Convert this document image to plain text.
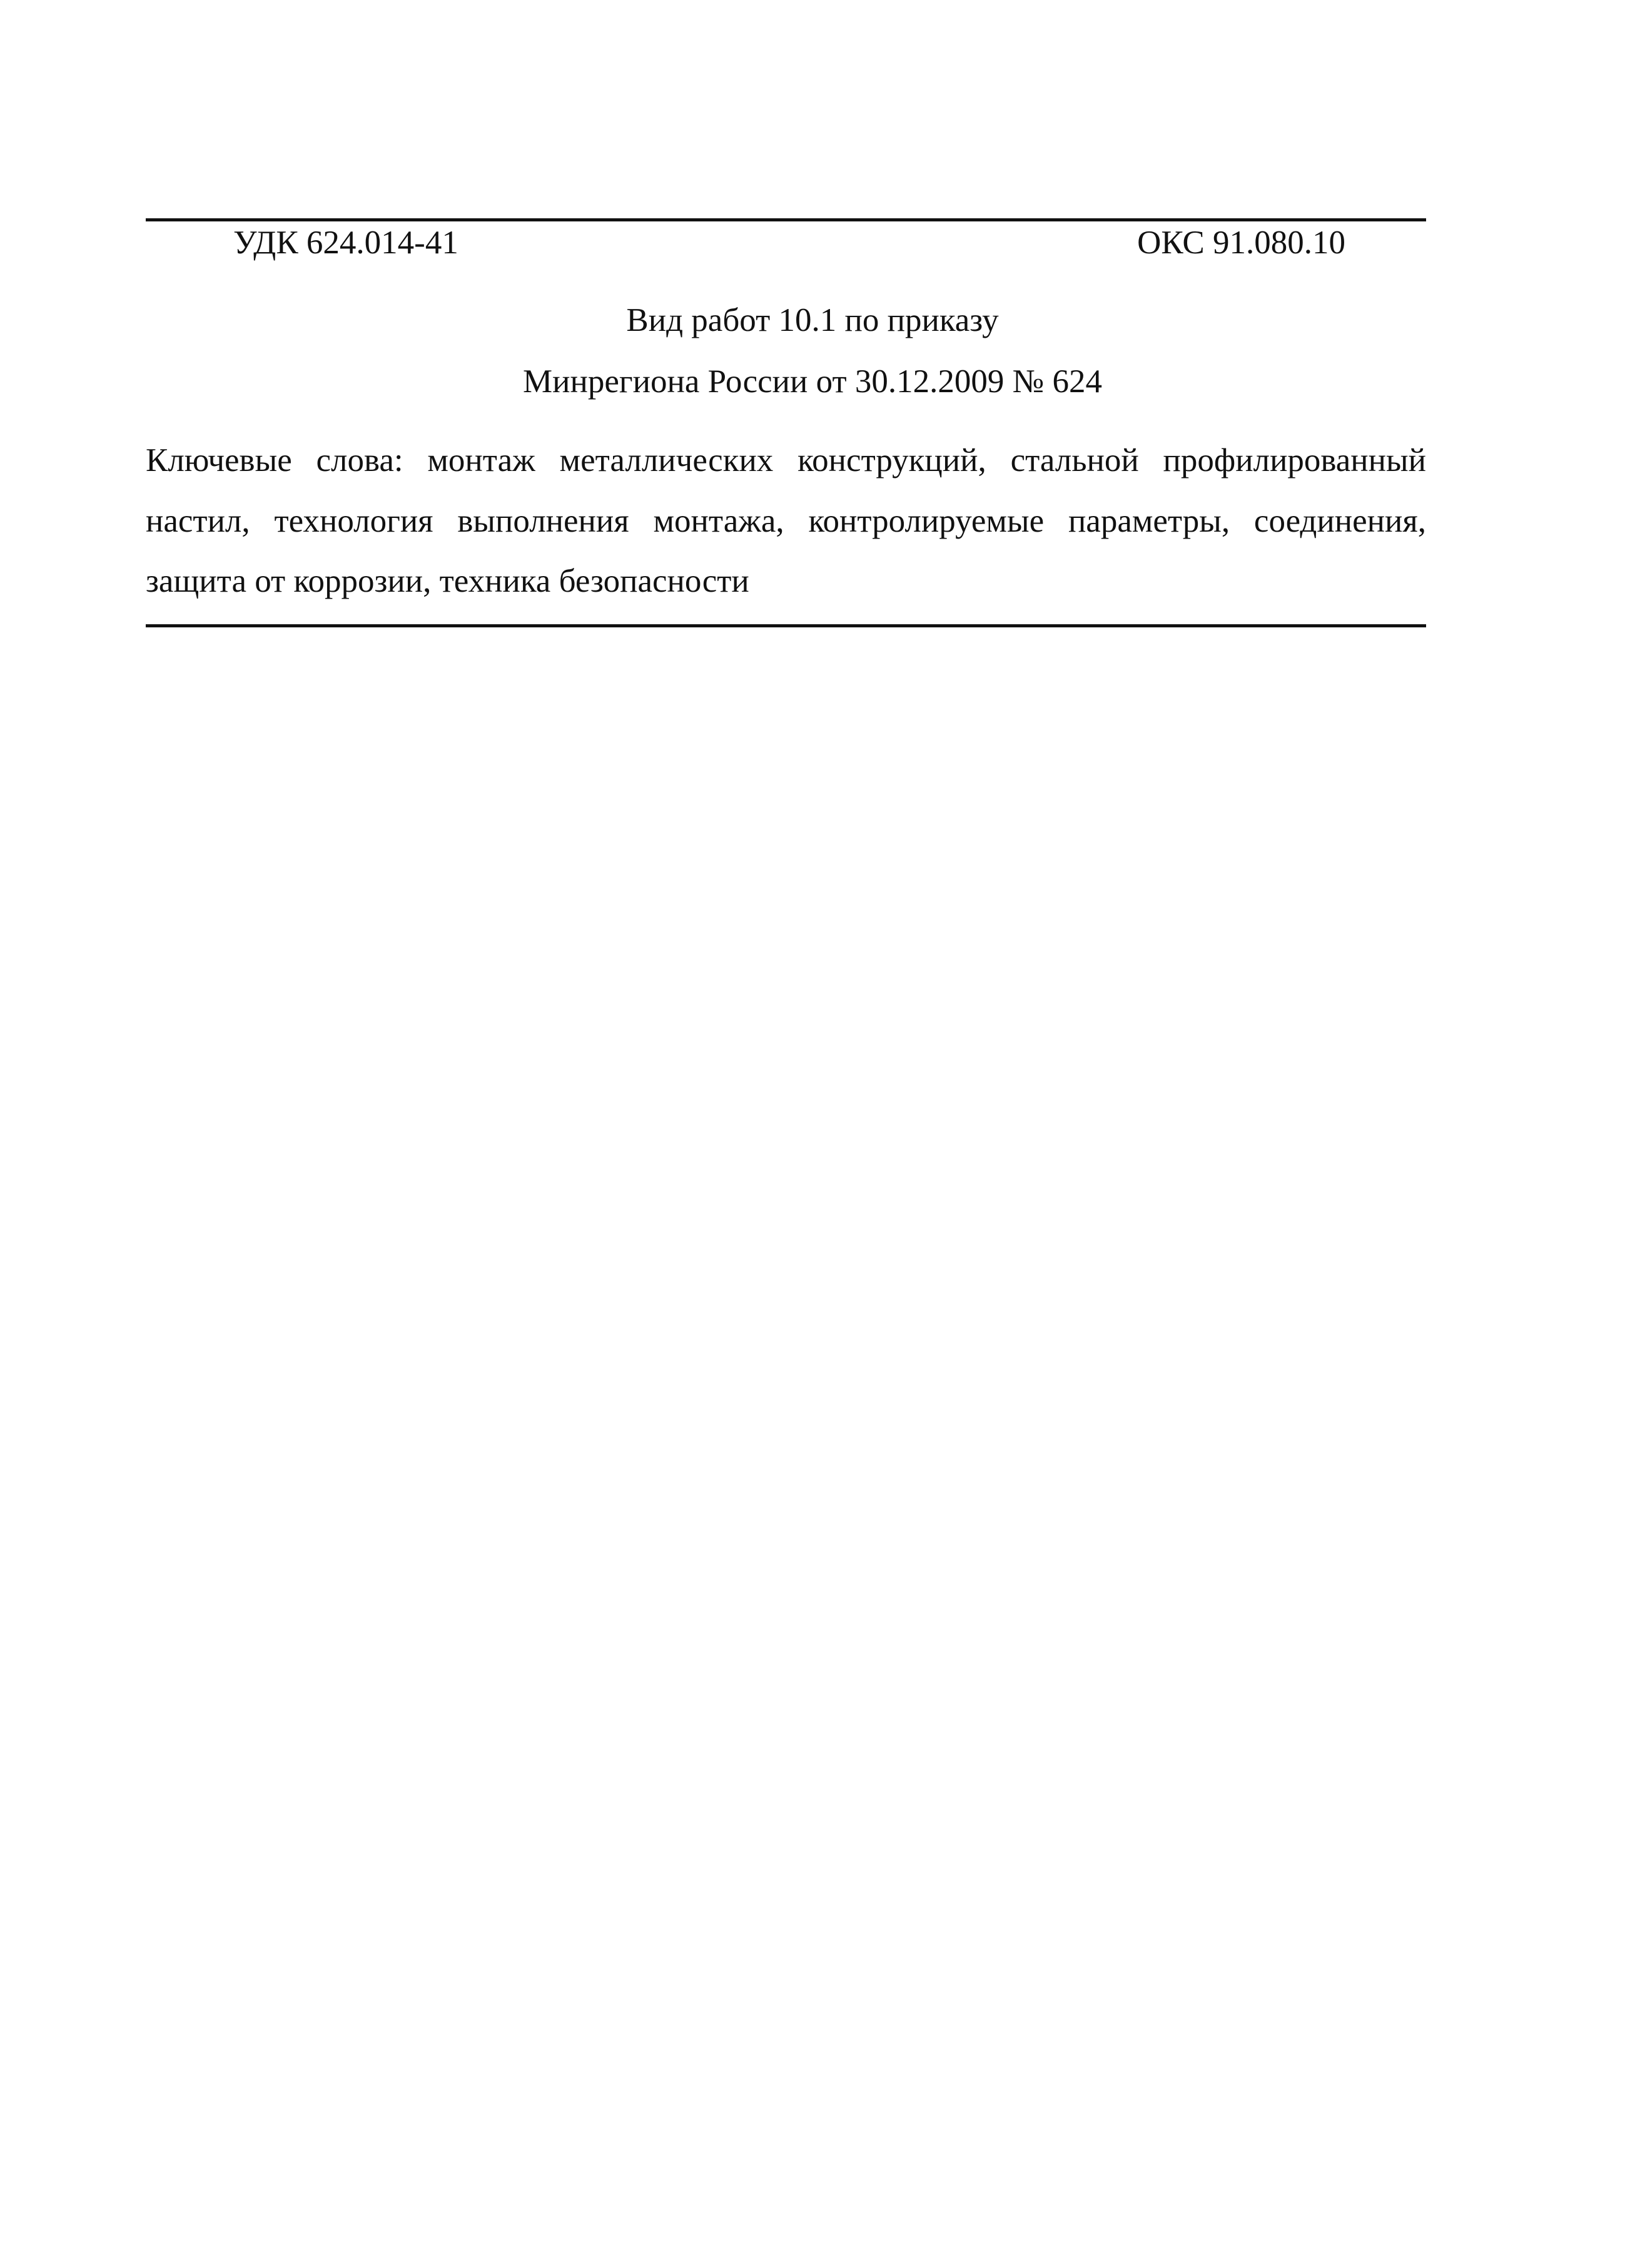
УДК 624.014-41	ОКС 91.080.10
Вид работ 10.1 по приказу
Минрегиона России от 30.12.2009 № 624
Ключевые слова: монтаж металлических конструкций, стальной профилированный
настил, технология выполнения монтажа, контролируемые параметры, соединения,
защита от коррозии, техника безопасности
